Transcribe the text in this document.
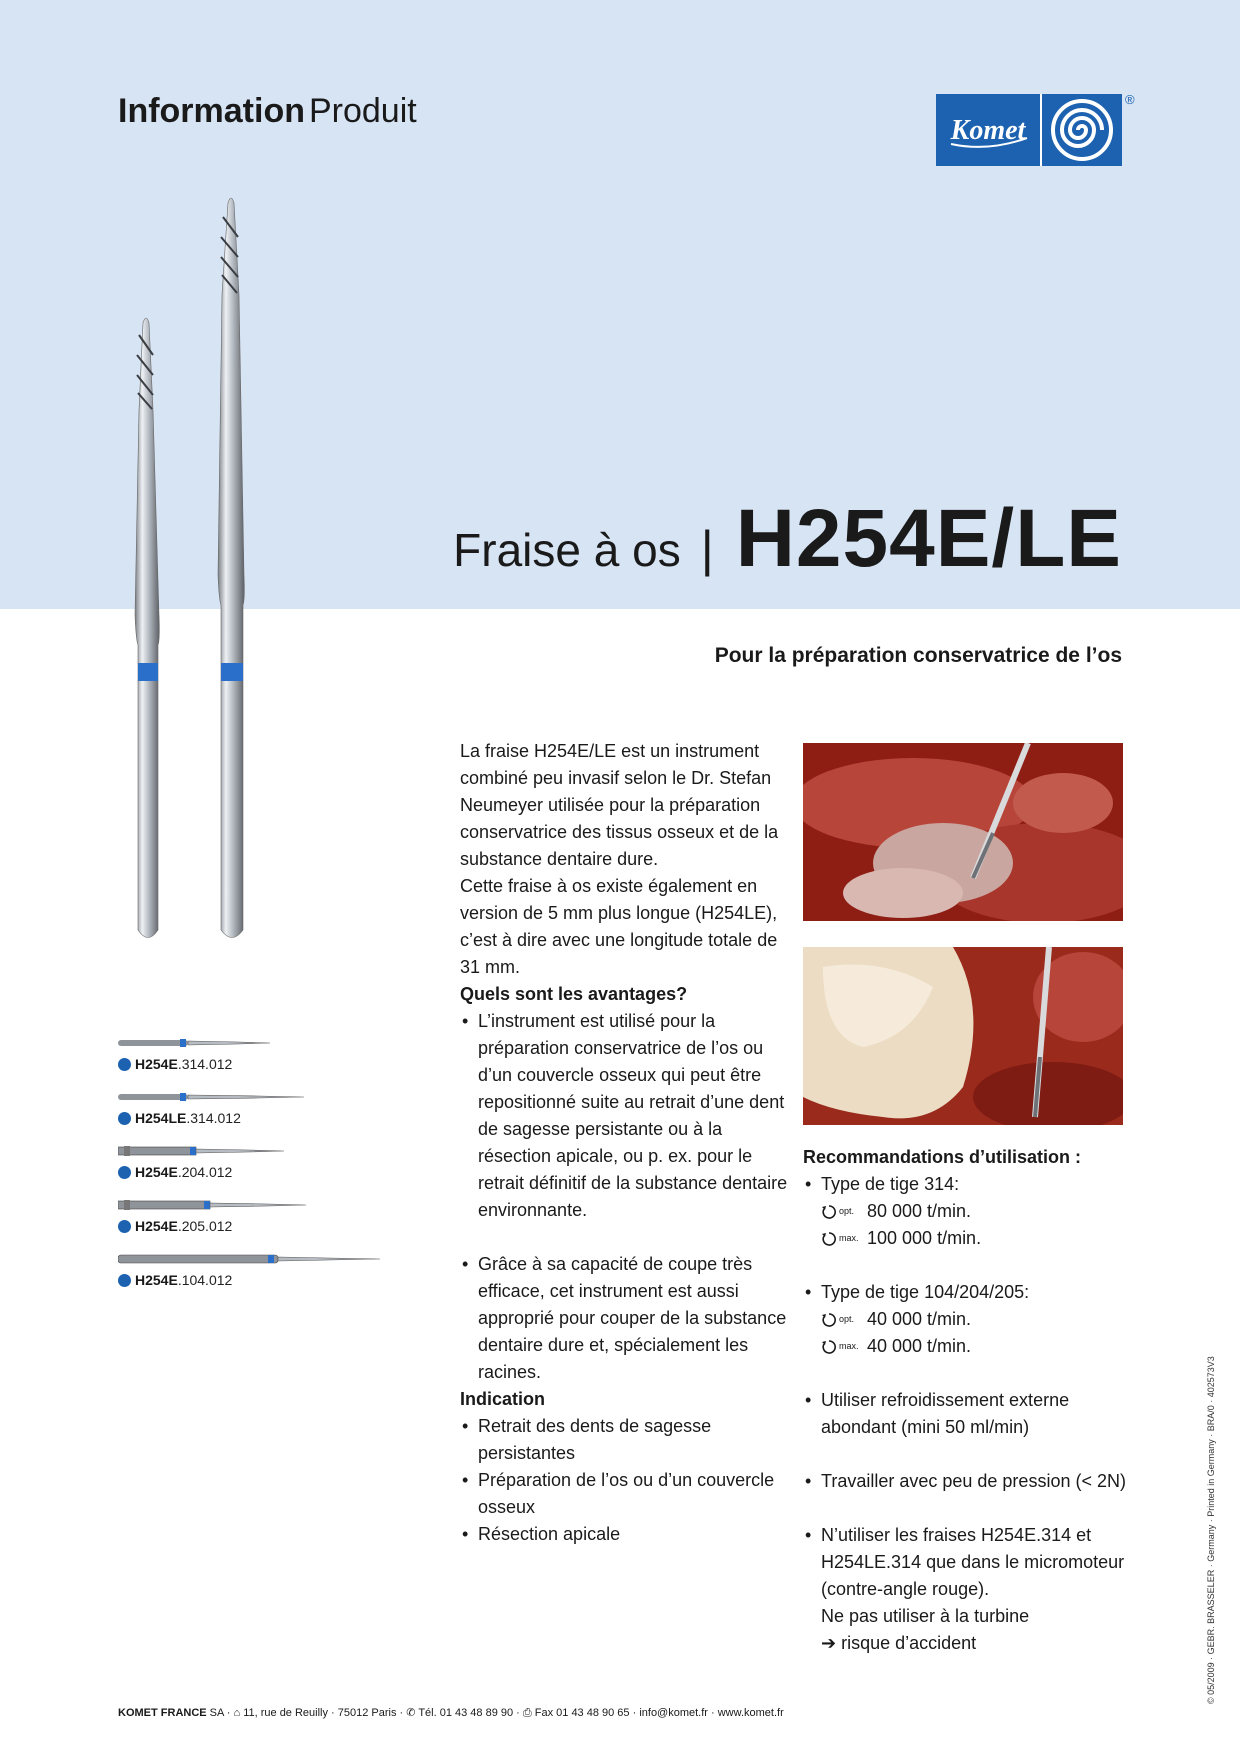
Information Produit
Komet
®
Fraise à os | H254E/LE
Pour la préparation conservatrice de l’os

La fraise H254E/LE est un instrument combiné peu invasif selon le Dr. Stefan Neumeyer utilisée pour la préparation conservatrice des tissus osseux et de la substance dentaire dure.

Cette fraise à os existe également en version de 5 mm plus longue (H254LE), c’est à dire avec une longitude totale de 31 mm.

Quels sont les avantages?

• L’instrument est utilisé pour la préparation conservatrice de l’os ou d’un couvercle osseux qui peut être repositionné suite au retrait d’une dent de sagesse persistante ou à la résection apicale, ou p. ex. pour le retrait définitif de la substance dentaire environnante.
• Grâce à sa capacité de coupe très efficace, cet instrument est aussi approprié pour couper de la substance dentaire dure et, spécialement les racines.

Indication

• Retrait des dents de sagesse persistantes
• Préparation de l’os ou d’un couvercle osseux
• Résection apicale

Recommandations d’utilisation :

• Type de tige 314:
opt. 80 000 t/min.
max. 100 000 t/min.
• Type de tige 104/204/205:
opt. 40 000 t/min.
max. 40 000 t/min.
• Utiliser refroidissement externe abondant (mini 50 ml/min)
• Travailler avec peu de pression (< 2N)
• N’utiliser les fraises H254E.314 et H254LE.314 que dans le micromoteur (contre-angle rouge).
Ne pas utiliser à la turbine
➔ risque d’accident
H254E .314.012
H254LE .314.012
H254E .204.012
H254E .205.012
H254E .104.012
KOMET FRANCE SA · ⌂ 11, rue de Reuilly · 75012 Paris · ✆ Tél. 01 43 48 89 90 · ⎙ Fax 01 43 48 90 65 · info@komet.fr · www.komet.fr
© 05/2009 · GEBR. BRASSELER · Germany · Printed in Germany · BRA/0 · 402573V3
